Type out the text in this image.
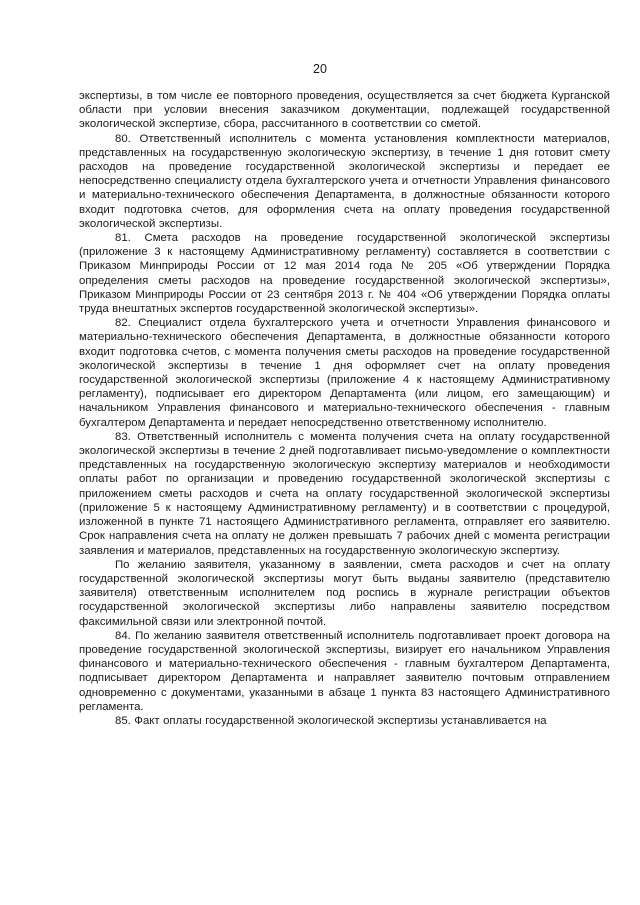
20

экспертизы, в том числе ее повторного проведения, осуществляется за счет бюджета Курганской области при условии внесения заказчиком документации, подлежащей государственной экологической экспертизе, сбора, рассчитанного в соответствии со сметой.

80. Ответственный исполнитель с момента установления комплектности материалов, представленных на государственную экологическую экспертизу, в течение 1 дня готовит смету расходов на проведение государственной экологической экспертизы и передает ее непосредственно специалисту отдела бухгалтерского учета и отчетности Управления финансового и материально-технического обеспечения Департамента, в должностные обязанности которого входит подготовка счетов, для оформления счета на оплату проведения государственной экологической экспертизы.

81. Смета расходов на проведение государственной экологической экспертизы (приложение 3 к настоящему Административному регламенту) составляется в соответствии с Приказом Минприроды России от 12 мая 2014 года № 205 «Об утверждении Порядка определения сметы расходов на проведение государственной экологической экспертизы», Приказом Минприроды России от 23 сентября 2013 г. № 404 «Об утверждении Порядка оплаты труда внештатных экспертов государственной экологической экспертизы».

82. Специалист отдела бухгалтерского учета и отчетности Управления финансового и материально-технического обеспечения Департамента, в должностные обязанности которого входит подготовка счетов, с момента получения сметы расходов на проведение государственной экологической экспертизы в течение 1 дня оформляет счет на оплату проведения государственной экологической экспертизы (приложение 4 к настоящему Административному регламенту), подписывает его директором Департамента (или лицом, его замещающим) и начальником Управления финансового и материально-технического обеспечения - главным бухгалтером Департамента и передает непосредственно ответственному исполнителю.

83. Ответственный исполнитель с момента получения счета на оплату государственной экологической экспертизы в течение 2 дней подготавливает письмо-уведомление о комплектности представленных на государственную экологическую экспертизу материалов и необходимости оплаты работ по организации и проведению государственной экологической экспертизы с приложением сметы расходов и счета на оплату государственной экологической экспертизы (приложение 5 к настоящему Административному регламенту) и в соответствии с процедурой, изложенной в пункте 71 настоящего Административного регламента, отправляет его заявителю. Срок направления счета на оплату не должен превышать 7 рабочих дней с момента регистрации заявления и материалов, представленных на государственную экологическую экспертизу.

По желанию заявителя, указанному в заявлении, смета расходов и счет на оплату государственной экологической экспертизы могут быть выданы заявителю (представителю заявителя) ответственным исполнителем под роспись в журнале регистрации объектов государственной экологической экспертизы либо направлены заявителю посредством факсимильной связи или электронной почтой.

84. По желанию заявителя ответственный исполнитель подготавливает проект договора на проведение государственной экологической экспертизы, визирует его начальником Управления финансового и материально-технического обеспечения - главным бухгалтером Департамента, подписывает директором Департамента и направляет заявителю почтовым отправлением одновременно с документами, указанными в абзаце 1 пункта 83 настоящего Административного регламента.

85. Факт оплаты государственной экологической экспертизы устанавливается на
